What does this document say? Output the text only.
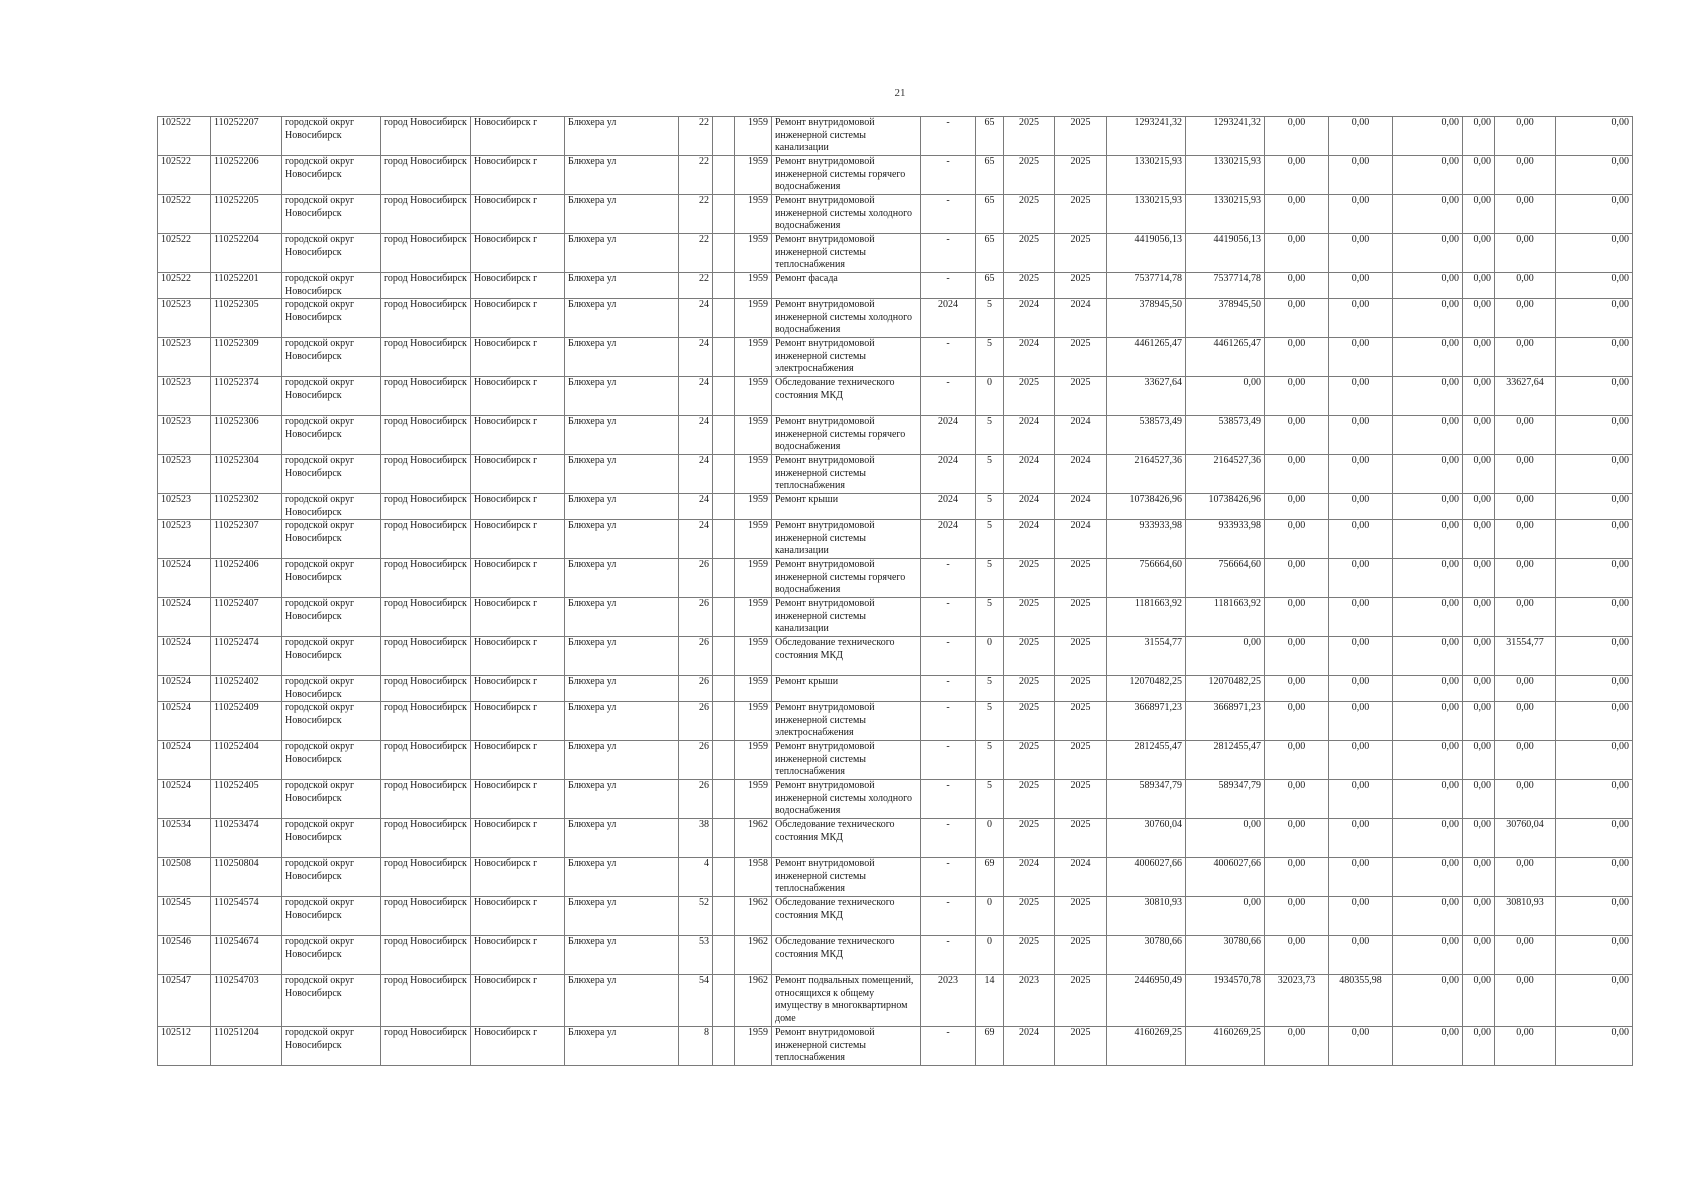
21
102522	110252207	городской округ Новосибирск	город Новосибирск	Новосибирск г	Блюхера ул	22		1959	Ремонт внутридомовой инженерной системы канализации	-	65	2025	2025	1293241,32	1293241,32	0,00	0,00	0,00	0,00	0,00	0,00
102522	110252206	городской округ Новосибирск	город Новосибирск	Новосибирск г	Блюхера ул	22		1959	Ремонт внутридомовой инженерной системы горячего водоснабжения	-	65	2025	2025	1330215,93	1330215,93	0,00	0,00	0,00	0,00	0,00	0,00
102522	110252205	городской округ Новосибирск	город Новосибирск	Новосибирск г	Блюхера ул	22		1959	Ремонт внутридомовой инженерной системы холодного водоснабжения	-	65	2025	2025	1330215,93	1330215,93	0,00	0,00	0,00	0,00	0,00	0,00
102522	110252204	городской округ Новосибирск	город Новосибирск	Новосибирск г	Блюхера ул	22		1959	Ремонт внутридомовой инженерной системы теплоснабжения	-	65	2025	2025	4419056,13	4419056,13	0,00	0,00	0,00	0,00	0,00	0,00
102522	110252201	городской округ Новосибирск	город Новосибирск	Новосибирск г	Блюхера ул	22		1959	Ремонт фасада	-	65	2025	2025	7537714,78	7537714,78	0,00	0,00	0,00	0,00	0,00	0,00
102523	110252305	городской округ Новосибирск	город Новосибирск	Новосибирск г	Блюхера ул	24		1959	Ремонт внутридомовой инженерной системы холодного водоснабжения	2024	5	2024	2024	378945,50	378945,50	0,00	0,00	0,00	0,00	0,00	0,00
102523	110252309	городской округ Новосибирск	город Новосибирск	Новосибирск г	Блюхера ул	24		1959	Ремонт внутридомовой инженерной системы электроснабжения	-	5	2024	2025	4461265,47	4461265,47	0,00	0,00	0,00	0,00	0,00	0,00
102523	110252374	городской округ Новосибирск	город Новосибирск	Новосибирск г	Блюхера ул	24		1959	Обследование технического состояния МКД	-	0	2025	2025	33627,64	0,00	0,00	0,00	0,00	0,00	33627,64	0,00
102523	110252306	городской округ Новосибирск	город Новосибирск	Новосибирск г	Блюхера ул	24		1959	Ремонт внутридомовой инженерной системы горячего водоснабжения	2024	5	2024	2024	538573,49	538573,49	0,00	0,00	0,00	0,00	0,00	0,00
102523	110252304	городской округ Новосибирск	город Новосибирск	Новосибирск г	Блюхера ул	24		1959	Ремонт внутридомовой инженерной системы теплоснабжения	2024	5	2024	2024	2164527,36	2164527,36	0,00	0,00	0,00	0,00	0,00	0,00
102523	110252302	городской округ Новосибирск	город Новосибирск	Новосибирск г	Блюхера ул	24		1959	Ремонт крыши	2024	5	2024	2024	10738426,96	10738426,96	0,00	0,00	0,00	0,00	0,00	0,00
102523	110252307	городской округ Новосибирск	город Новосибирск	Новосибирск г	Блюхера ул	24		1959	Ремонт внутридомовой инженерной системы канализации	2024	5	2024	2024	933933,98	933933,98	0,00	0,00	0,00	0,00	0,00	0,00
102524	110252406	городской округ Новосибирск	город Новосибирск	Новосибирск г	Блюхера ул	26		1959	Ремонт внутридомовой инженерной системы горячего водоснабжения	-	5	2025	2025	756664,60	756664,60	0,00	0,00	0,00	0,00	0,00	0,00
102524	110252407	городской округ Новосибирск	город Новосибирск	Новосибирск г	Блюхера ул	26		1959	Ремонт внутридомовой инженерной системы канализации	-	5	2025	2025	1181663,92	1181663,92	0,00	0,00	0,00	0,00	0,00	0,00
102524	110252474	городской округ Новосибирск	город Новосибирск	Новосибирск г	Блюхера ул	26		1959	Обследование технического состояния МКД	-	0	2025	2025	31554,77	0,00	0,00	0,00	0,00	0,00	31554,77	0,00
102524	110252402	городской округ Новосибирск	город Новосибирск	Новосибирск г	Блюхера ул	26		1959	Ремонт крыши	-	5	2025	2025	12070482,25	12070482,25	0,00	0,00	0,00	0,00	0,00	0,00
102524	110252409	городской округ Новосибирск	город Новосибирск	Новосибирск г	Блюхера ул	26		1959	Ремонт внутридомовой инженерной системы электроснабжения	-	5	2025	2025	3668971,23	3668971,23	0,00	0,00	0,00	0,00	0,00	0,00
102524	110252404	городской округ Новосибирск	город Новосибирск	Новосибирск г	Блюхера ул	26		1959	Ремонт внутридомовой инженерной системы теплоснабжения	-	5	2025	2025	2812455,47	2812455,47	0,00	0,00	0,00	0,00	0,00	0,00
102524	110252405	городской округ Новосибирск	город Новосибирск	Новосибирск г	Блюхера ул	26		1959	Ремонт внутридомовой инженерной системы холодного водоснабжения	-	5	2025	2025	589347,79	589347,79	0,00	0,00	0,00	0,00	0,00	0,00
102534	110253474	городской округ Новосибирск	город Новосибирск	Новосибирск г	Блюхера ул	38		1962	Обследование технического состояния МКД	-	0	2025	2025	30760,04	0,00	0,00	0,00	0,00	0,00	30760,04	0,00
102508	110250804	городской округ Новосибирск	город Новосибирск	Новосибирск г	Блюхера ул	4		1958	Ремонт внутридомовой инженерной системы теплоснабжения	-	69	2024	2024	4006027,66	4006027,66	0,00	0,00	0,00	0,00	0,00	0,00
102545	110254574	городской округ Новосибирск	город Новосибирск	Новосибирск г	Блюхера ул	52		1962	Обследование технического состояния МКД	-	0	2025	2025	30810,93	0,00	0,00	0,00	0,00	0,00	30810,93	0,00
102546	110254674	городской округ Новосибирск	город Новосибирск	Новосибирск г	Блюхера ул	53		1962	Обследование технического состояния МКД	-	0	2025	2025	30780,66	30780,66	0,00	0,00	0,00	0,00	0,00	0,00
102547	110254703	городской округ Новосибирск	город Новосибирск	Новосибирск г	Блюхера ул	54		1962	Ремонт подвальных помещений, относящихся к общему имуществу в многоквартирном доме	2023	14	2023	2025	2446950,49	1934570,78	32023,73	480355,98	0,00	0,00	0,00	0,00
102512	110251204	городской округ Новосибирск	город Новосибирск	Новосибирск г	Блюхера ул	8		1959	Ремонт внутридомовой инженерной системы теплоснабжения	-	69	2024	2025	4160269,25	4160269,25	0,00	0,00	0,00	0,00	0,00	0,00
